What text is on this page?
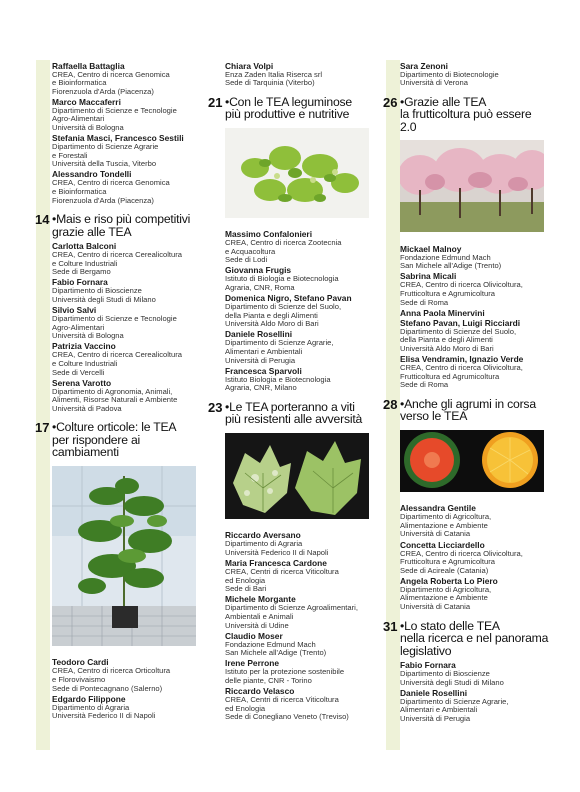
Raffaella Battaglia
CREA, Centro di ricerca Genomica
e Bioinformatica
Fiorenzuola d'Arda (Piacenza)
Marco Maccaferri
Dipartimento di Scienze e Tecnologie
Agro-Alimentari
Università di Bologna
Stefania Masci, Francesco Sestili
Dipartimento di Scienze Agrarie
e Forestali
Università della Tuscia, Viterbo
Alessandro Tondelli
CREA, Centro di ricerca Genomica
e Bioinformatica
Fiorenzuola d'Arda (Piacenza)
14 •Mais e riso più competitivi
grazie alle TEA
Carlotta Balconi
CREA, Centro di ricerca Cerealicoltura
e Colture Industriali
Sede di Bergamo
Fabio Fornara
Dipartimento di Bioscienze
Università degli Studi di Milano
Silvio Salvi
Dipartimento di Scienze e Tecnologie
Agro-Alimentari
Università di Bologna
Patrizia Vaccino
CREA, Centro di ricerca Cerealicoltura
e Colture Industriali
Sede di Vercelli
Serena Varotto
Dipartimento di Agronomia, Animali,
Alimenti, Risorse Naturali e Ambiente
Università di Padova
17 •Colture orticole: le TEA
per rispondere ai cambiamenti
Teodoro Cardi
CREA, Centro di ricerca Orticoltura
e Florovivaismo
Sede di Pontecagnano (Salerno)
Edgardo Filippone
Dipartimento di Agraria
Università Federico II di Napoli
Chiara Volpi
Enza Zaden Italia Riserca srl
Sede di Tarquinia (Viterbo)
21 •Con le TEA leguminose
più produttive e nutritive
Massimo Confalonieri
CREA, Centro di ricerca Zootecnia
e Acquacoltura
Sede di Lodi
Giovanna Frugis
Istituto di Biologia e Biotecnologia
Agraria, CNR, Roma
Domenica Nigro, Stefano Pavan
Dipartimento di Scienze del Suolo,
della Pianta e degli Alimenti
Università Aldo Moro di Bari
Daniele Rosellini
Dipartimento di Scienze Agrarie,
Alimentari e Ambientali
Università di Perugia
Francesca Sparvoli
Istituto Biologia e Biotecnologia
Agraria, CNR, Milano
23 •Le TEA porteranno a viti
più resistenti alle avversità
Riccardo Aversano
Dipartimento di Agraria
Università Federico II di Napoli
Maria Francesca Cardone
CREA, Centri di ricerca Viticoltura
ed Enologia
Sede di Bari
Michele Morgante
Dipartimento di Scienze Agroalimentari,
Ambientali e Animali
Università di Udine
Claudio Moser
Fondazione Edmund Mach
San Michele all'Adige (Trento)
Irene Perrone
Istituto per la protezione sostenibile
delle piante, CNR - Torino
Riccardo Velasco
CREA, Centri di ricerca Viticoltura
ed Enologia
Sede di Conegliano Veneto (Treviso)
Sara Zenoni
Dipartimento di Biotecnologie
Università di Verona
26 •Grazie alle TEA
la frutticoltura può essere 2.0
Mickael Malnoy
Fondazione Edmund Mach
San Michele all'Adige (Trento)
Sabrina Micali
CREA, Centro di ricerca Olivicoltura,
Frutticoltura e Agrumicoltura
Sede di Roma
Anna Paola Minervini
Stefano Pavan, Luigi Ricciardi
Dipartimento di Scienze del Suolo,
della Pianta e degli Alimenti
Università Aldo Moro di Bari
Elisa Vendramin, Ignazio Verde
CREA, Centro di ricerca Olivicoltura,
Frutticoltura ed Agrumicoltura
Sede di Roma
28 •Anche gli agrumi in corsa
verso le TEA
Alessandra Gentile
Dipartimento di Agricoltura,
Alimentazione e Ambiente
Università di Catania
Concetta Licciardello
CREA, Centro di ricerca Olivicoltura,
Frutticoltura e Agrumicoltura
Sede di Acireale (Catania)
Angela Roberta Lo Piero
Dipartimento di Agricoltura,
Alimentazione e Ambiente
Università di Catania
31 •Lo stato delle TEA
nella ricerca e nel panorama
legislativo
Fabio Fornara
Dipartimento di Bioscienze
Università degli Studi di Milano
Daniele Rosellini
Dipartimento di Scienze Agrarie,
Alimentari e Ambientali
Università di Perugia
